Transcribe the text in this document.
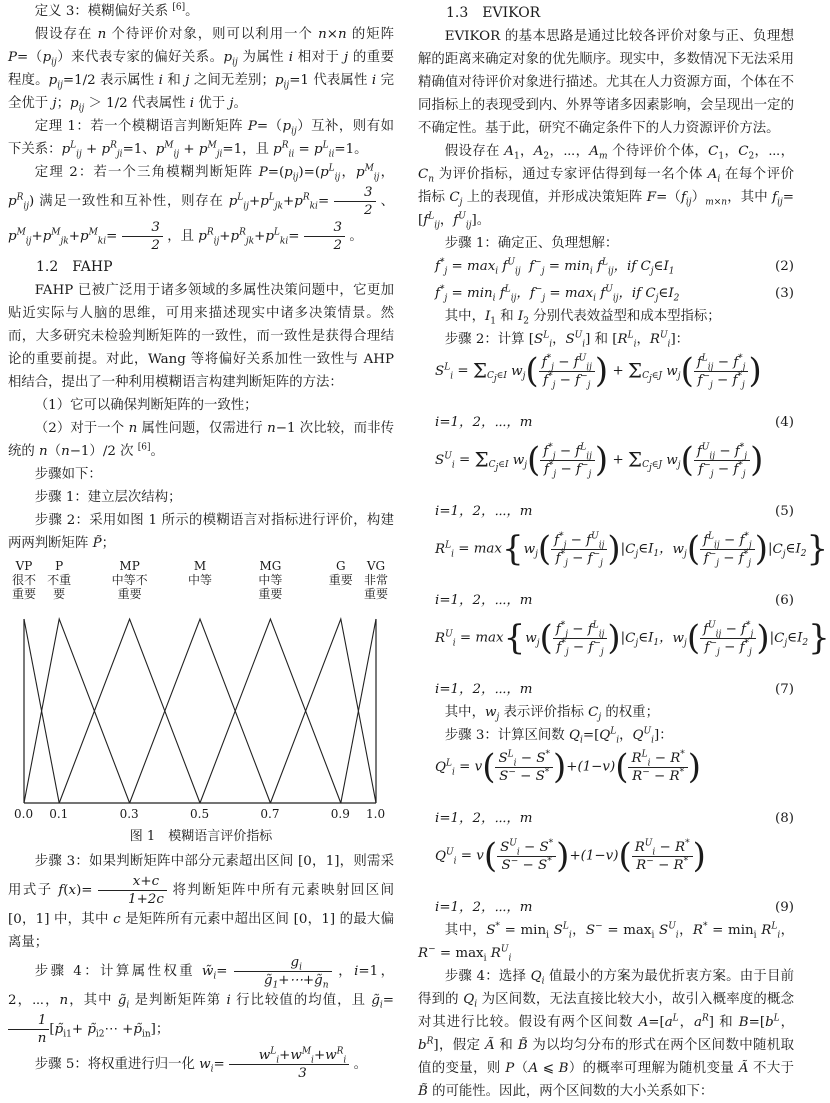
定义 3：模糊偏好关系 [6]。

假设存在 n 个待评价对象，则可以利用一个 n×n 的矩阵 $P=(p_{ij})$来代表专家的偏好关系。$p_{ij}$ 为属性 i 相对于 j 的重要程度。$p_{ij}=1/2$ 表示属性 i 和 j 之间无差别；$p_{ij}=1$ 代表属性 i 完全优于 j；$p_{ij} > 1/2$ 代表属性 i 优于 j。

定理 1：若一个模糊语言判断矩阵 $P=(p_{ij})$互补，则有如下关系：$p^L_{ij} + p^R_{ji}=1$、$p^M_{ij} + p^M_{ji}=1$，且 $p^R_{ii} = p^L_{ii}=1$。

定理 2：若一个三角模糊判断矩阵 $P=(p_{ij})=(p^L_{ij}$，$p^M_{ij}$，$p^R_{ij}$) 满足一致性和互补性，则存在 $p^L_{ij}+p^L_{jk}+p^R_{ki}= \frac{3}{2}$ 、$p^M_{ij}+p^M_{jk}+p^M_{ki}= \frac{3}{2}$ ，且 $p^R_{ij}+p^R_{jk}+p^L_{ki}= \frac{3}{2}$ 。

1.2　FAHP

FAHP 已被广泛用于诸多领域的多属性决策问题中，它更加贴近实际与人脑的思维，可用来描述现实中诸多决策情景。然而，大多研究未检验判断矩阵的一致性，而一致性是获得合理结论的重要前提。对此，Wang 等将偏好关系加性一致性与 AHP 相结合，提出了一种利用模糊语言构建判断矩阵的方法：

（1）它可以确保判断矩阵的一致性；

（2）对于一个 n 属性问题，仅需进行 n−1 次比较，而非传统的 n（n−1）/2 次 [6]。

步骤如下：

步骤 1：建立层次结构；

步骤 2：采用如图 1 所示的模糊语言对指标进行评价，构建两两判断矩阵 P̃；

VP
很不
重要
P
不重
要
MP
中等不
重要
M
中等
MG
中等
重要
G
重要
VG
非常
重要
0.0 0.1	0.3	0.5	0.7	0.9 1.0

图 1　模糊语言评价指标

步骤 3：如果判断矩阵中部分元素超出区间 [0，1]，则需采用式子 $f(x)= \frac{x+c}{1+2c}$ 将判断矩阵中所有元素映射回区间 [0，1] 中，其中 c 是矩阵所有元素中超出区间 [0，1] 的最大偏离量；

步骤 4：计算属性权重 $w̃_i= \frac{g_i}{g̃_1+\cdots+g̃_n}$ ，i=1，2，⋯，n，其中 $g̃_i$ 是判断矩阵第 i 行比较值的均值，且 $g̃_i=$
$\frac{1}{n}$ [$p̃_{i1}+$ $p̃_{i2}\cdots$ $+p̃_{in}$]；

步骤 5：将权重进行归一化 $w_i= \frac{w^L_i+w^M_i+w^R_i}{3}$ 。

1.3　EVIKOR

EVIKOR 的基本思路是通过比较各评价对象与正、负理想解的距离来确定对象的优先顺序。现实中，多数情况下无法采用精确值对待评价对象进行描述。尤其在人力资源方面，个体在不同指标上的表现受到内、外界等诸多因素影响，会呈现出一定的不确定性。基于此，研究不确定条件下的人力资源评价方法。

假设存在 $A_1$，$A_2$，⋯，$A_m$ 个待评价个体，$C_1$，$C_2$，⋯，$C_n$ 为评价指标，通过专家评估得到每一名个体 $A_i$ 在每个评价指标 $C_j$ 上的表现值，并形成决策矩阵 $F=(f_{ij})_{m\times n}$，其中 $f_{ij}=[f^L_{ij}$，$f^U_{ij}$]。

步骤 1：确定正、负理想解：

$f^*_j = \max_i f^U_{ij}$ $f^-_j = \min_i f^L_{ij}$，if $C_j\in I_1$	(2)
$f^*_j = \min_i f^L_{ij}$，$f^-_j = \max_i f^U_{ij}$，if $C_j\in I_2$	(3)

其中，$I_1$ 和 $I_2$ 分别代表效益型和成本型指标；

步骤 2：计算 [$S^L_i$，$S^U_i$] 和 [$R^L_i$，$R^U_i$]：

$S^L_i = \Sigma_{C_j\in I}$ $w_j( \frac{f^*_j - f^U_{ij}}{f^*_j - f^-_j}$ ) + $\Sigma_{C_j\in J}$ $w_j( \frac{f^L_{ij} - f^*_j}{f^-_j - f^*_j}$ )
i=1，2，⋯，m	(4)
$S^U_i = \Sigma_{C_j\in I}$ $w_j( \frac{f^*_j - f^L_{ij}}{f^*_j - f^-_j}$ ) + $\Sigma_{C_j\in J}$ $w_j( \frac{f^U_{ij} - f^*_j}{f^-_j - f^*_j}$ )
i=1，2，⋯，m	(5)
$R^L_i = \max\{w_j( \frac{f^*_j - f^U_{ij}}{f^*_j - f^-_j}$ )$|C_j\in I_1$，$w_j( \frac{f^L_{ij} - f^*_j}{f^-_j - f^*_j}$ )$|C_j\in I_2$}
i=1，2，⋯，m	(6)
$R^U_i = \max\{w_j( \frac{f^*_j - f^L_{ij}}{f^*_j - f^-_j}$ )$|C_j\in I_1$，$w_j( \frac{f^U_{ij} - f^*_j}{f^-_j - f^*_j}$ )$|C_j\in I_2$}
i=1，2，⋯，m	(7)

其中，$w_j$ 表示评价指标 $C_j$ 的权重；

步骤 3：计算区间数 $Q_i=[Q^L_i$，$Q^U_i$]：

$Q^L_i = v( \frac{S^L_i - S^*}{S^- - S^*} )+(1-v)( \frac{R^L_i - R^*}{R^- - R^*}$ )
i=1，2，⋯，m	(8)
$Q^U_i = v( \frac{S^U_i - S^*}{S^- - S^*} )+(1-v)( \frac{R^U_i - R^*}{R^- - R^*}$ )
i=1，2，⋯，m	(9)

其中，$S^* = \min_i S^L_i$，$S^- = \max_i S^U_i$，$R^* = \min_i R^L_i$，$R^- = \max_i R^U_i$

步骤 4：选择 $Q_i$ 值最小的方案为最优折衷方案。由于目前得到的 $Q_i$ 为区间数，无法直接比较大小，故引入概率度的概念对其进行比较。假设有两个区间数 $A=[a^L$，$a^R$] 和 $B=[b^L$，$b^R$]，假定 Ã 和 B̃ 为以均匀分布的形式在两个区间数中随机取值的变量，则 P（A ⩽ B）的概率可理解为随机变量 Ã 不大于 B̃ 的可能性。因此，两个区间数的大小关系如下：
